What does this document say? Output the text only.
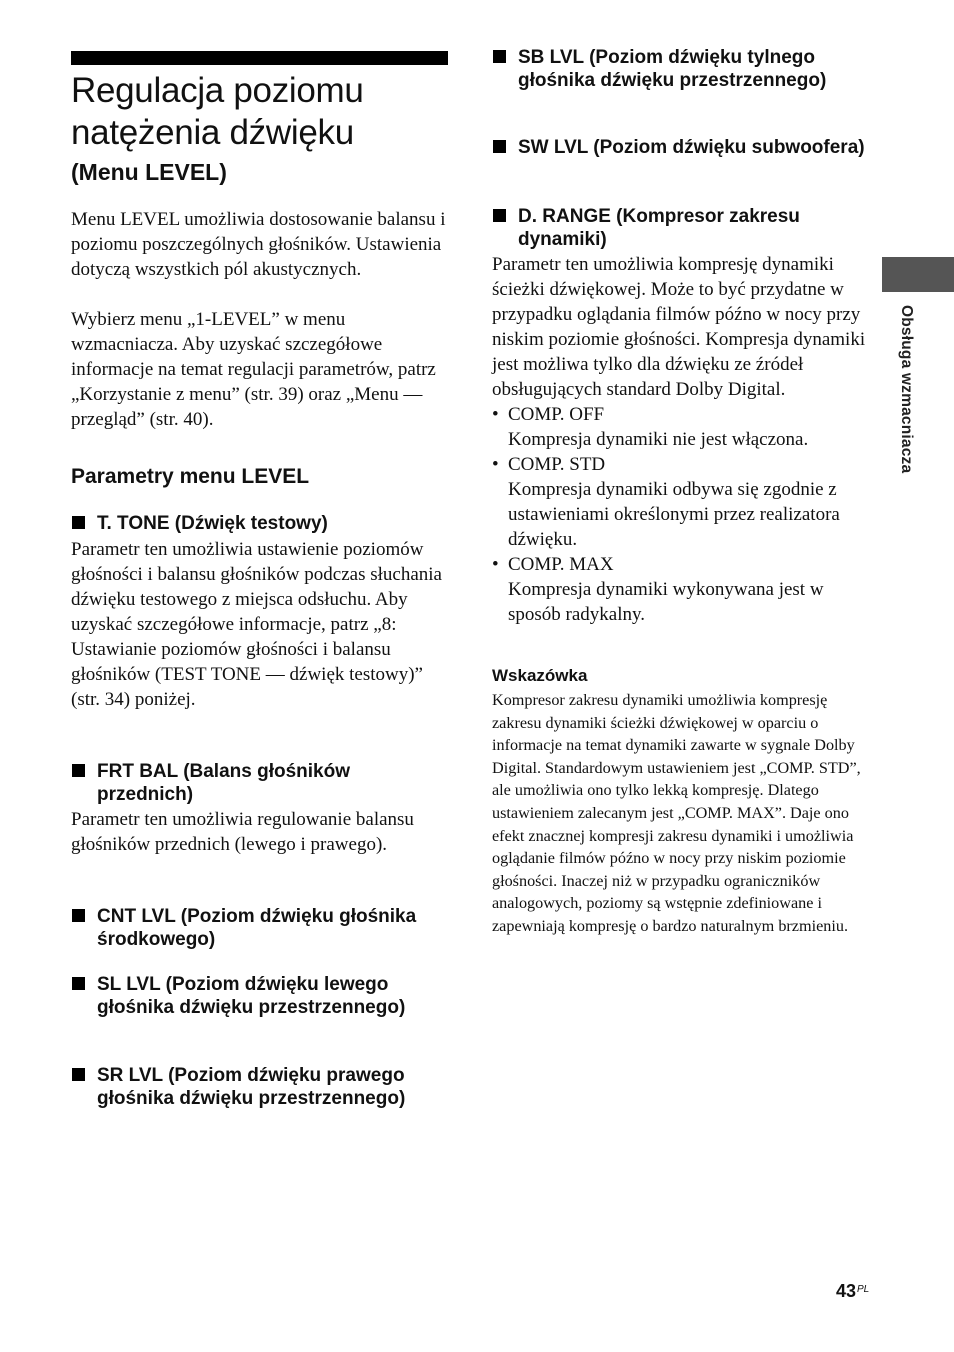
Regulacja poziomu natężenia dźwięku
(Menu LEVEL)

Menu LEVEL umożliwia dostosowanie balansu i poziomu poszczególnych głośników. Ustawienia dotyczą wszystkich pól akustycznych.

Wybierz menu „1-LEVEL” w menu wzmacniacza. Aby uzyskać szczegółowe informacje na temat regulacji parametrów, patrz „Korzystanie z menu” (str. 39) oraz „Menu — przegląd” (str. 40).

Parametry menu LEVEL
T. TONE (Dźwięk testowy)

Parametr ten umożliwia ustawienie poziomów głośności i balansu głośników podczas słuchania dźwięku testowego z miejsca odsłuchu. Aby uzyskać szczegółowe informacje, patrz „8: Ustawianie poziomów głośności i balansu głośników (TEST TONE — dźwięk testowy)” (str. 34) poniżej.

FRT BAL (Balans głośników przednich)

Parametr ten umożliwia regulowanie balansu głośników przednich (lewego i prawego).

CNT LVL (Poziom dźwięku głośnika środkowego)
SL LVL (Poziom dźwięku lewego głośnika dźwięku przestrzennego)
SR LVL (Poziom dźwięku prawego głośnika dźwięku przestrzennego)
SB LVL (Poziom dźwięku tylnego głośnika dźwięku przestrzennego)
SW LVL (Poziom dźwięku subwoofera)
D. RANGE (Kompresor zakresu dynamiki)

Parametr ten umożliwia kompresję dynamiki ścieżki dźwiękowej. Może to być przydatne w przypadku oglądania filmów późno w nocy przy niskim poziomie głośności. Kompresja dynamiki jest możliwa tylko dla dźwięku ze źródeł obsługujących standard Dolby Digital.

• COMP. OFF
Kompresja dynamiki nie jest włączona.
• COMP. STD
Kompresja dynamiki odbywa się zgodnie z ustawieniami określonymi przez realizatora dźwięku.
• COMP. MAX
Kompresja dynamiki wykonywana jest w sposób radykalny.

Wskazówka

Kompresor zakresu dynamiki umożliwia kompresję zakresu dynamiki ścieżki dźwiękowej w oparciu o informacje na temat dynamiki zawarte w sygnale Dolby Digital. Standardowym ustawieniem jest „COMP. STD”, ale umożliwia ono tylko lekką kompresję. Dlatego ustawieniem zalecanym jest „COMP. MAX”. Daje ono efekt znacznej kompresji zakresu dynamiki i umożliwia oglądanie filmów późno w nocy przy niskim poziomie głośności. Inaczej niż w przypadku ograniczników analogowych, poziomy są wstępnie zdefiniowane i zapewniają kompresję o bardzo naturalnym brzmieniu.

Obsługa wzmacniacza
43 PL
